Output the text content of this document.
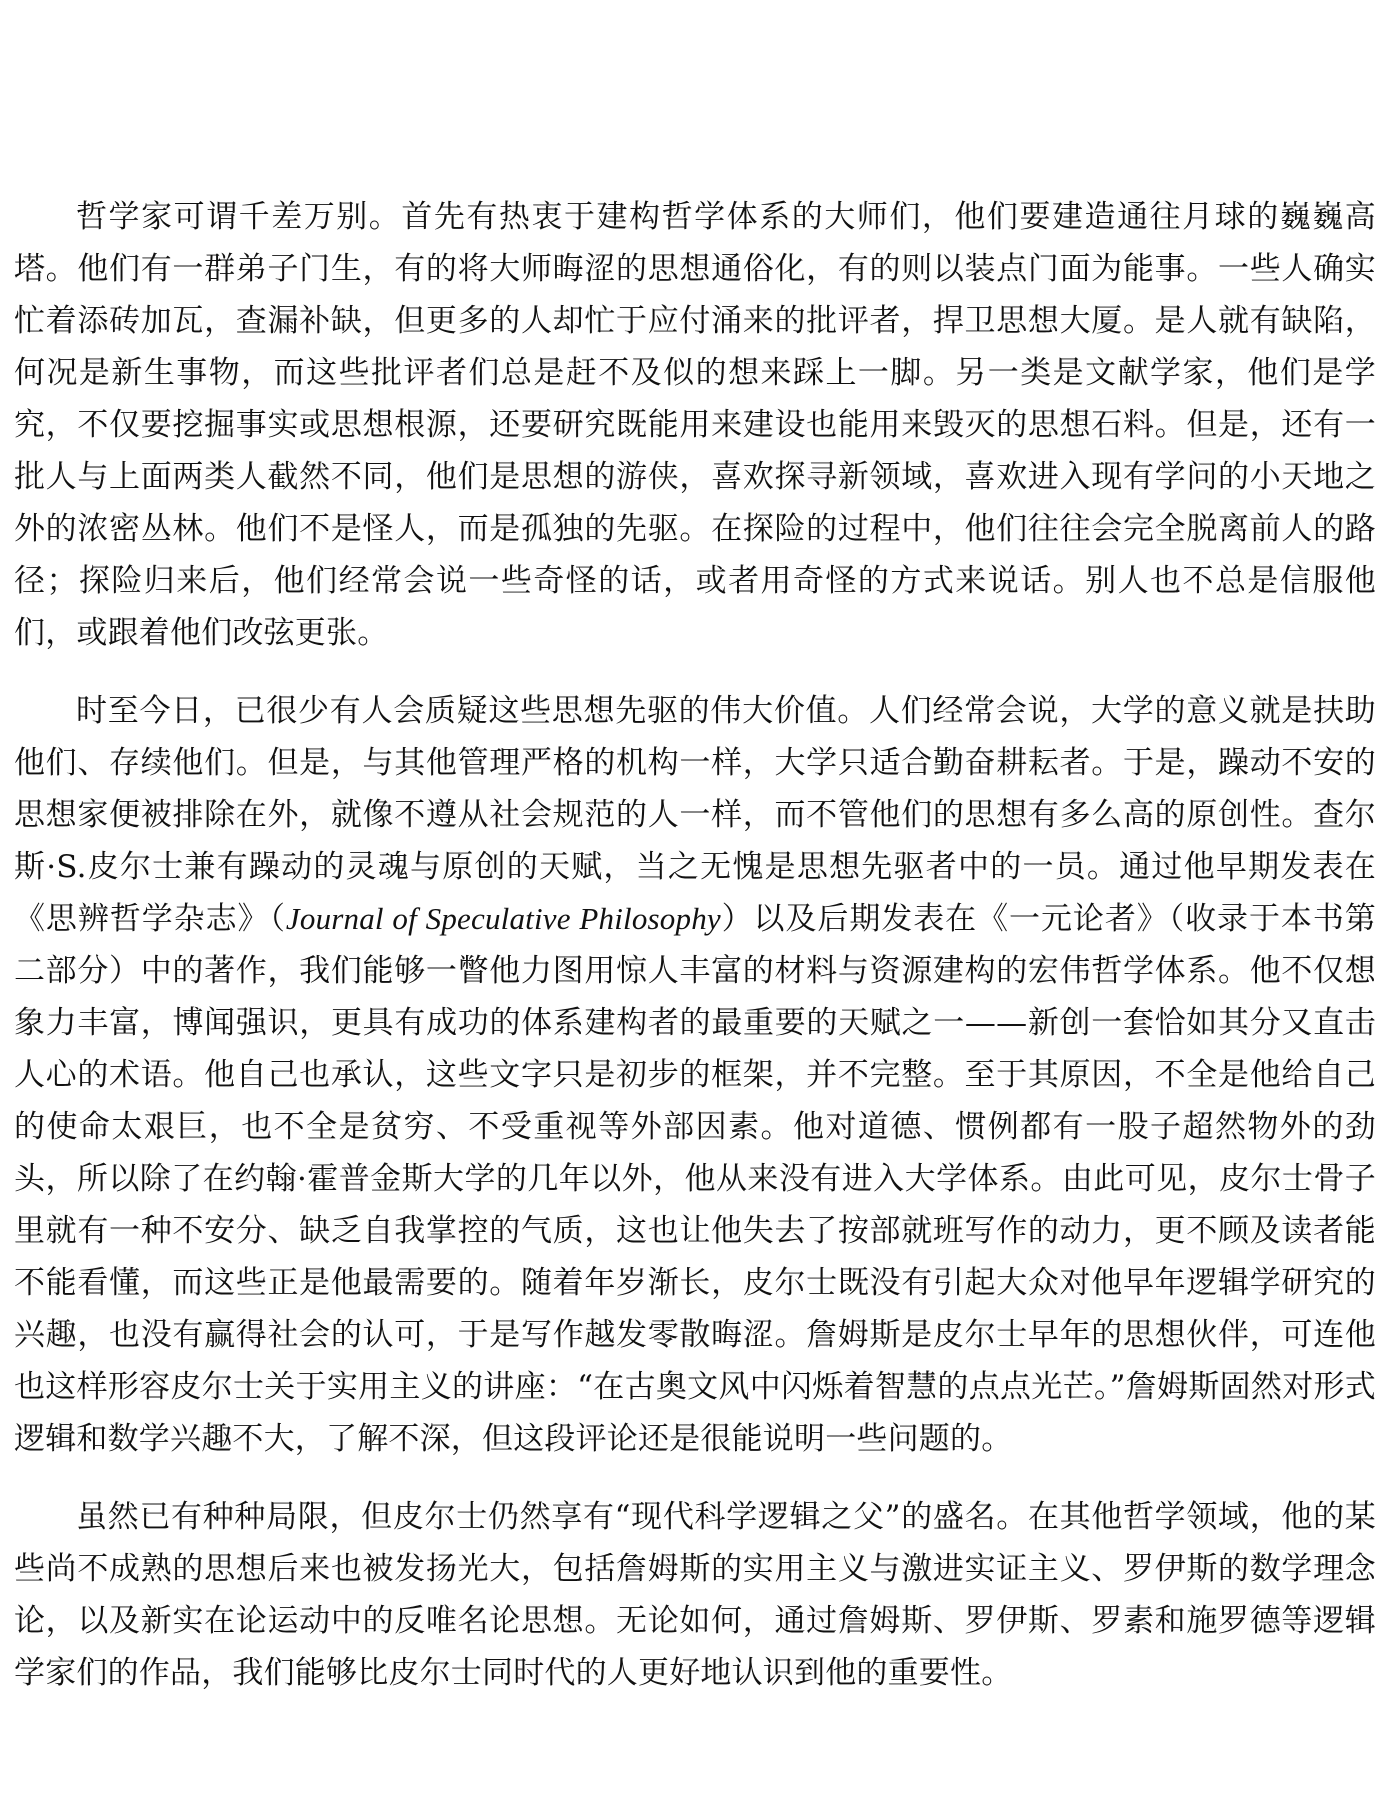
哲学家可谓千差万别。首先有热衷于建构哲学体系的大师们，他们要建造通往月球的巍巍高塔。他们有一群弟子门生，有的将大师晦涩的思想通俗化，有的则以装点门面为能事。一些人确实忙着添砖加瓦，查漏补缺，但更多的人却忙于应付涌来的批评者，捍卫思想大厦。是人就有缺陷，何况是新生事物，而这些批评者们总是赶不及似的想来踩上一脚。另一类是文献学家，他们是学究，不仅要挖掘事实或思想根源，还要研究既能用来建设也能用来毁灭的思想石料。但是，还有一批人与上面两类人截然不同，他们是思想的游侠，喜欢探寻新领域，喜欢进入现有学问的小天地之外的浓密丛林。他们不是怪人，而是孤独的先驱。在探险的过程中，他们往往会完全脱离前人的路径；探险归来后，他们经常会说一些奇怪的话，或者用奇怪的方式来说话。别人也不总是信服他们，或跟着他们改弦更张。

时至今日，已很少有人会质疑这些思想先驱的伟大价值。人们经常会说，大学的意义就是扶助他们、存续他们。但是，与其他管理严格的机构一样，大学只适合勤奋耕耘者。于是，躁动不安的思想家便被排除在外，就像不遵从社会规范的人一样，而不管他们的思想有多么高的原创性。查尔斯·S.皮尔士兼有躁动的灵魂与原创的天赋，当之无愧是思想先驱者中的一员。通过他早期发表在《思辨哲学杂志》（Journal of Speculative Philosophy）以及后期发表在《一元论者》（收录于本书第二部分）中的著作，我们能够一瞥他力图用惊人丰富的材料与资源建构的宏伟哲学体系。他不仅想象力丰富，博闻强识，更具有成功的体系建构者的最重要的天赋之一——新创一套恰如其分又直击人心的术语。他自己也承认，这些文字只是初步的框架，并不完整。至于其原因，不全是他给自己的使命太艰巨，也不全是贫穷、不受重视等外部因素。他对道德、惯例都有一股子超然物外的劲头，所以除了在约翰·霍普金斯大学的几年以外，他从来没有进入大学体系。由此可见，皮尔士骨子里就有一种不安分、缺乏自我掌控的气质，这也让他失去了按部就班写作的动力，更不顾及读者能不能看懂，而这些正是他最需要的。随着年岁渐长，皮尔士既没有引起大众对他早年逻辑学研究的兴趣，也没有赢得社会的认可，于是写作越发零散晦涩。詹姆斯是皮尔士早年的思想伙伴，可连他也这样形容皮尔士关于实用主义的讲座：“在古奥文风中闪烁着智慧的点点光芒。”詹姆斯固然对形式逻辑和数学兴趣不大，了解不深，但这段评论还是很能说明一些问题的。

虽然已有种种局限，但皮尔士仍然享有“现代科学逻辑之父”的盛名。在其他哲学领域，他的某些尚不成熟的思想后来也被发扬光大，包括詹姆斯的实用主义与激进实证主义、罗伊斯的数学理念论，以及新实在论运动中的反唯名论思想。无论如何，通过詹姆斯、罗伊斯、罗素和施罗德等逻辑学家们的作品，我们能够比皮尔士同时代的人更好地认识到他的重要性。
